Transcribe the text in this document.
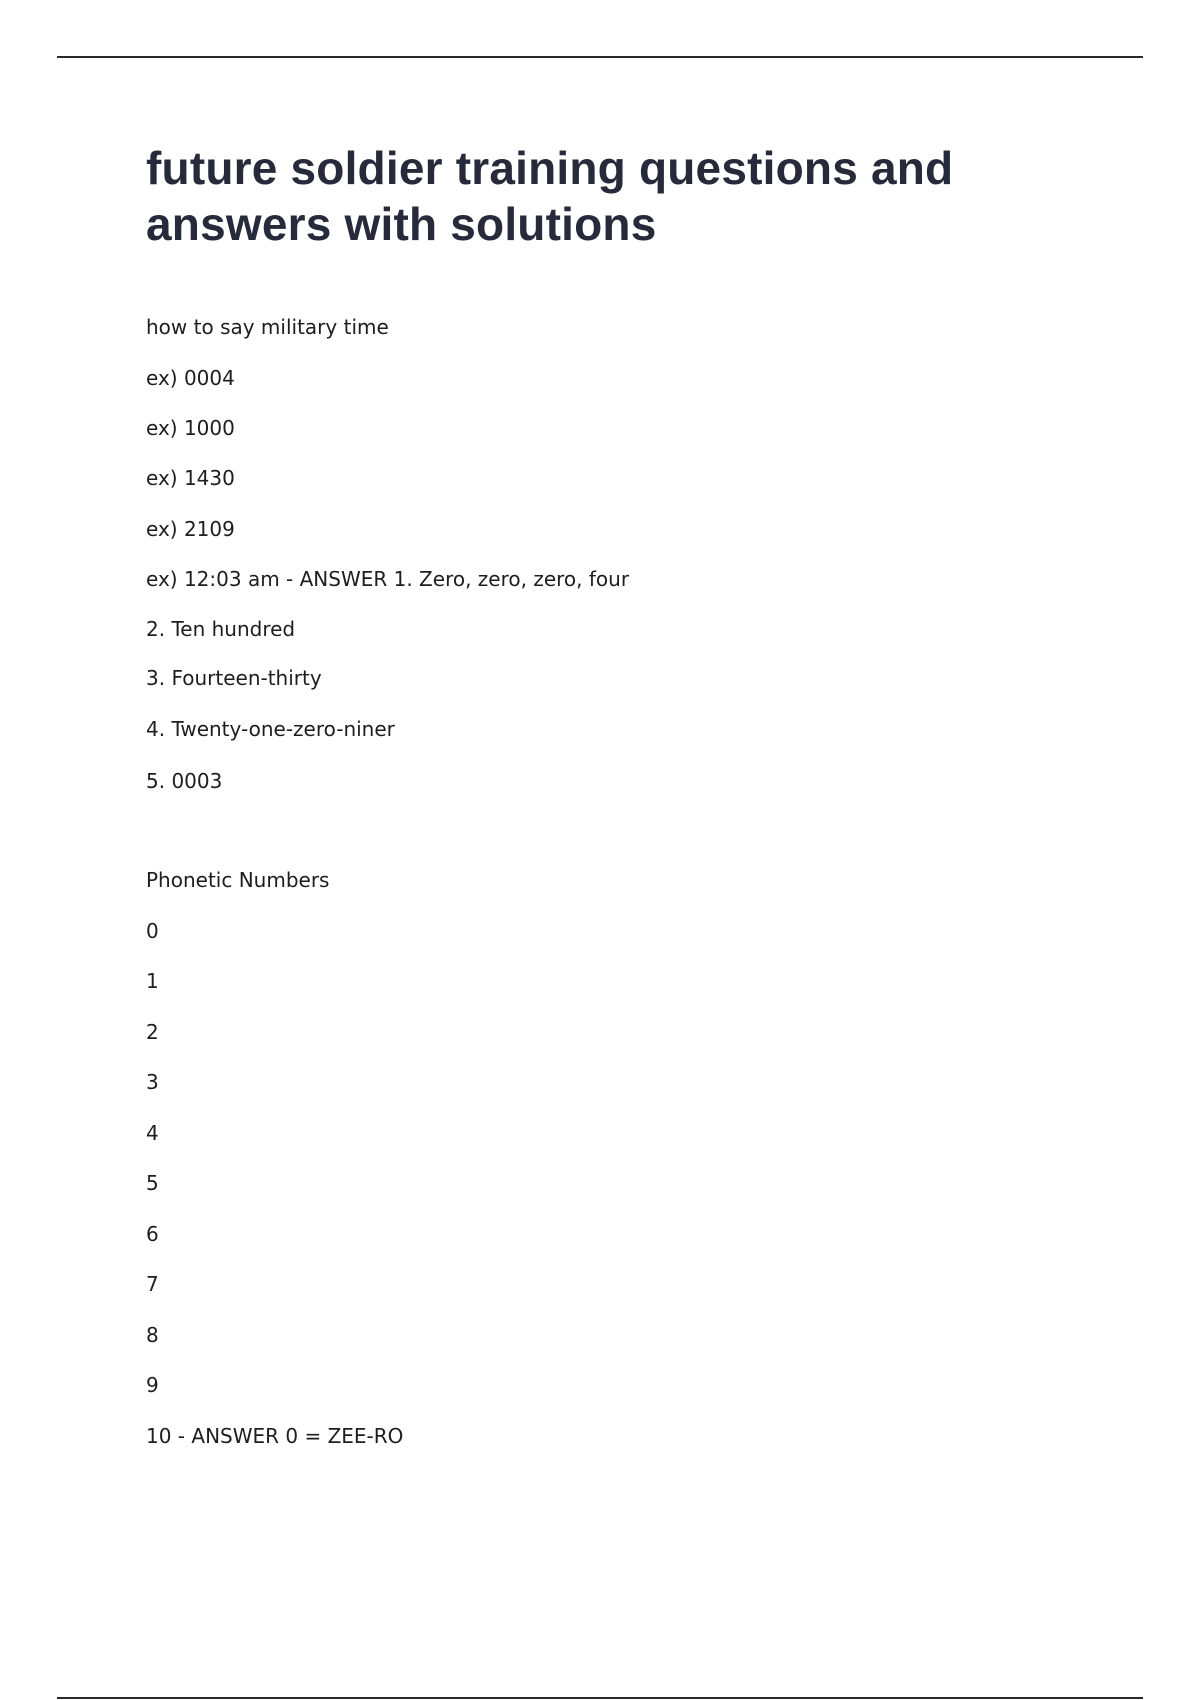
future soldier training questions and answers with solutions
how to say military time
ex) 0004
ex) 1000
ex) 1430
ex) 2109
ex) 12:03 am - ANSWER 1. Zero, zero, zero, four
2. Ten hundred
3. Fourteen-thirty
4. Twenty-one-zero-niner
5. 0003
Phonetic Numbers
0
1
2
3
4
5
6
7
8
9
10 - ANSWER 0 = ZEE-RO
